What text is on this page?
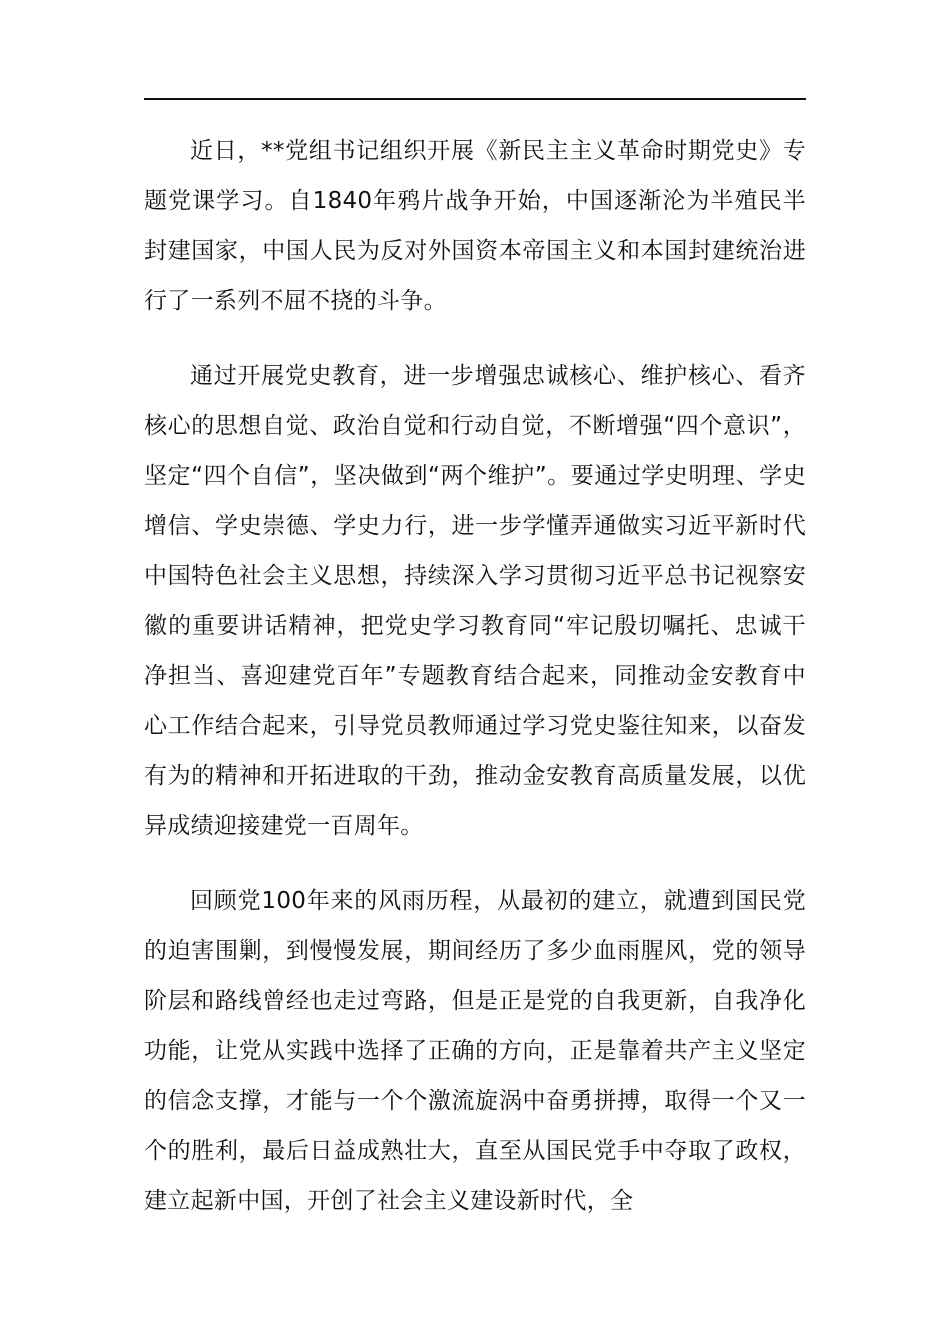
近日，**党组书记组织开展《新民主主义革命时期党史》专题党课学习。自1840年鸦片战争开始，中国逐渐沦为半殖民半封建国家，中国人民为反对外国资本帝国主义和本国封建统治进行了一系列不屈不挠的斗争。

通过开展党史教育，进一步增强忠诚核心、维护核心、看齐核心的思想自觉、政治自觉和行动自觉，不断增强“四个意识”，坚定“四个自信”，坚决做到“两个维护”。要通过学史明理、学史增信、学史崇德、学史力行，进一步学懂弄通做实习近平新时代中国特色社会主义思想，持续深入学习贯彻习近平总书记视察安徽的重要讲话精神，把党史学习教育同“牢记殷切嘱托、忠诚干净担当、喜迎建党百年”专题教育结合起来，同推动金安教育中心工作结合起来，引导党员教师通过学习党史鉴往知来，以奋发有为的精神和开拓进取的干劲，推动金安教育高质量发展，以优异成绩迎接建党一百周年。

回顾党100年来的风雨历程，从最初的建立，就遭到国民党的迫害围剿，到慢慢发展，期间经历了多少血雨腥风，党的领导阶层和路线曾经也走过弯路，但是正是党的自我更新，自我净化功能，让党从实践中选择了正确的方向，正是靠着共产主义坚定的信念支撑，才能与一个个激流旋涡中奋勇拼搏，取得一个又一个的胜利，最后日益成熟壮大，直至从国民党手中夺取了政权，建立起新中国，开创了社会主义建设新时代，全
